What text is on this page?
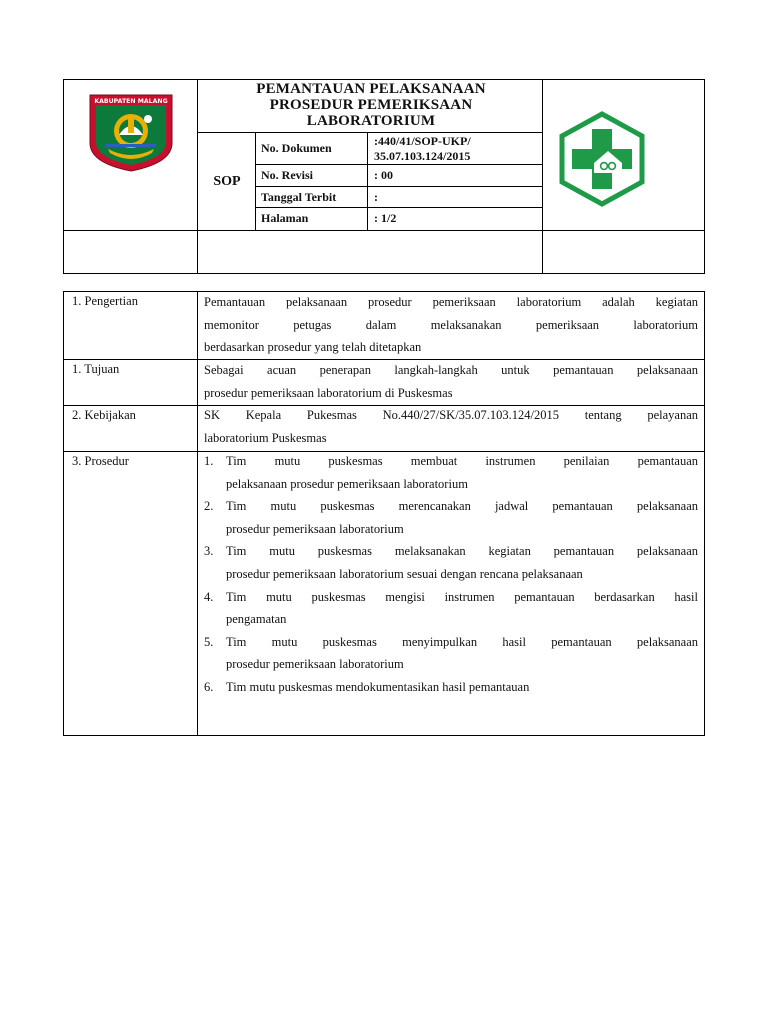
KABUPATEN MALANG
PEMANTAUAN PELAKSANAAN
PROSEDUR PEMERIKSAAN
LABORATORIUM
SOP
No. Dokumen	:440/41/SOP-UKP/
35.07.103.124/2015
No. Revisi	: 00
Tanggal Terbit	:
Halaman	: 1/2
1. Pengertian	Pemantauan pelaksanaan prosedur pemeriksaan laboratorium adalah kegiatan
memonitor petugas dalam melaksanakan pemeriksaan laboratorium
berdasarkan prosedur yang telah ditetapkan
1. Tujuan	Sebagai acuan penerapan langkah-langkah untuk pemantauan pelaksanaan
prosedur pemeriksaan laboratorium di Puskesmas
2. Kebijakan	SK Kepala Pukesmas No.440/27/SK/35.07.103.124/2015 tentang pelayanan
laboratorium Puskesmas
3. Prosedur	1. Tim mutu puskesmas membuat instrumen penilaian pemantauan
pelaksanaan prosedur pemeriksaan laboratorium
2. Tim mutu puskesmas merencanakan jadwal pemantauan pelaksanaan
prosedur pemeriksaan laboratorium
3. Tim mutu puskesmas melaksanakan kegiatan pemantauan pelaksanaan
prosedur pemeriksaan laboratorium sesuai dengan rencana pelaksanaan
4. Tim mutu puskesmas mengisi instrumen pemantauan berdasarkan hasil
pengamatan
5. Tim mutu puskesmas menyimpulkan hasil pemantauan pelaksanaan
prosedur pemeriksaan laboratorium
6. Tim mutu puskesmas mendokumentasikan hasil pemantauan
